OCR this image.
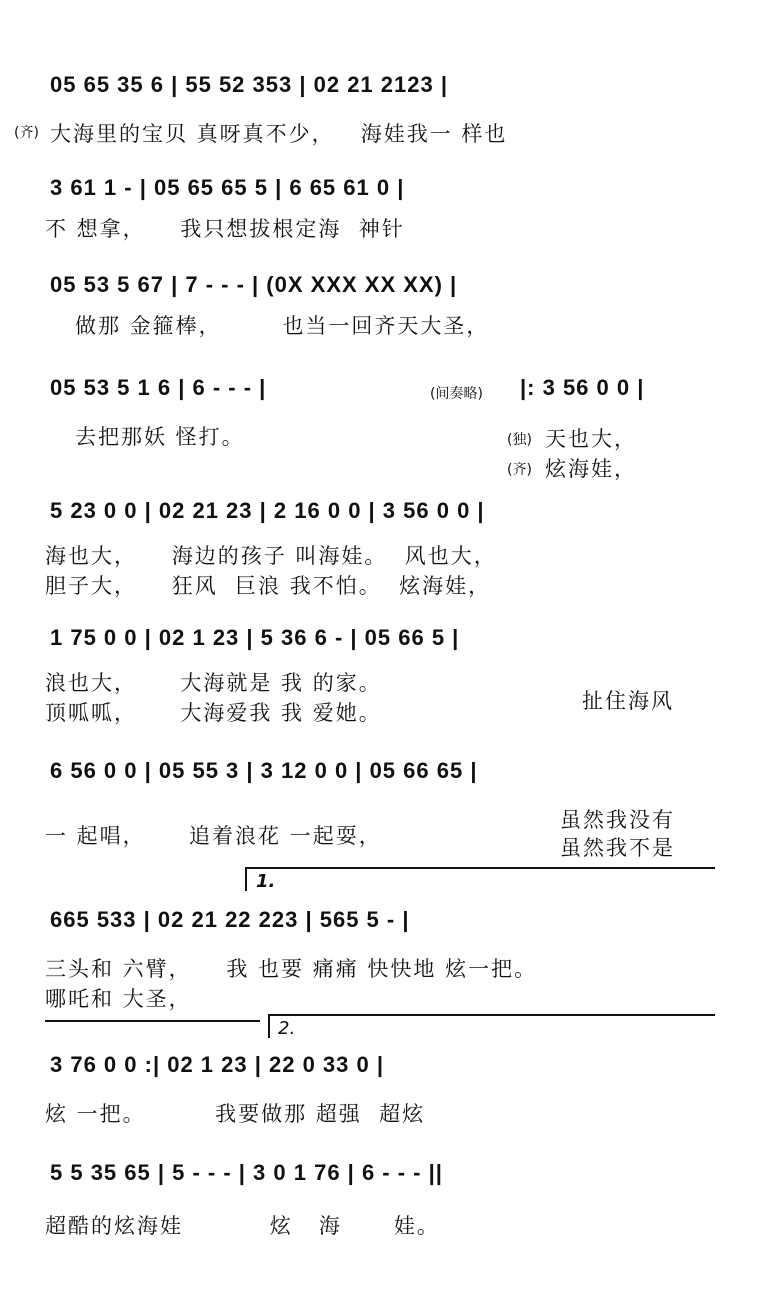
05 65 35 6 | 55 52 353 | 02 21 2123 |
(齐) 大海里的宝贝 真呀真不少，   海娃我一 样也
3 61 1 - | 05 65 65 5 | 6 65 61 0 |
不 想拿，    我只想拔根定海  神针
05 53 5 67 | 7 - - - | (0X XXX XX XX) |
做那 金箍棒，       也当一回齐天大圣，
05 53 5 1 6 | 6 - - - |	(间奏略) |: 3 56 0 0 |
去把那妖 怪打。	(独) 天也大，
(齐) 炫海娃，
5 23 0 0 | 02 21 23 | 2 16 0 0 | 3 56 0 0 |
海也大，    海边的孩子 叫海娃。  风也大，
胆子大，    狂风  巨浪 我不怕。  炫海娃，
1 75 0 0 | 02 1 23 | 5 36 6 - | 05 66 5 |
浪也大，     大海就是 我 的家。
顶呱呱，     大海爱我 我 爱她。	扯住海风
6 56 0 0 | 05 55 3 | 3 12 0 0 | 05 66 65 |
一 起唱，     追着浪花 一起耍，
虽然我没有
虽然我不是
1.
665 533 | 02 21 22 223 | 565 5 - |
三头和 六臂，    我 也要 痛痛 快快地 炫一把。
哪吒和 大圣，
2.
3 76 0 0 :| 02 1 23 | 22 0 33 0 |
炫 一把。        我要做那 超强  超炫
5 5 35 65 | 5 - - - | 3 0 1 76 | 6 - - - ||
超酷的炫海娃          炫   海      娃。
